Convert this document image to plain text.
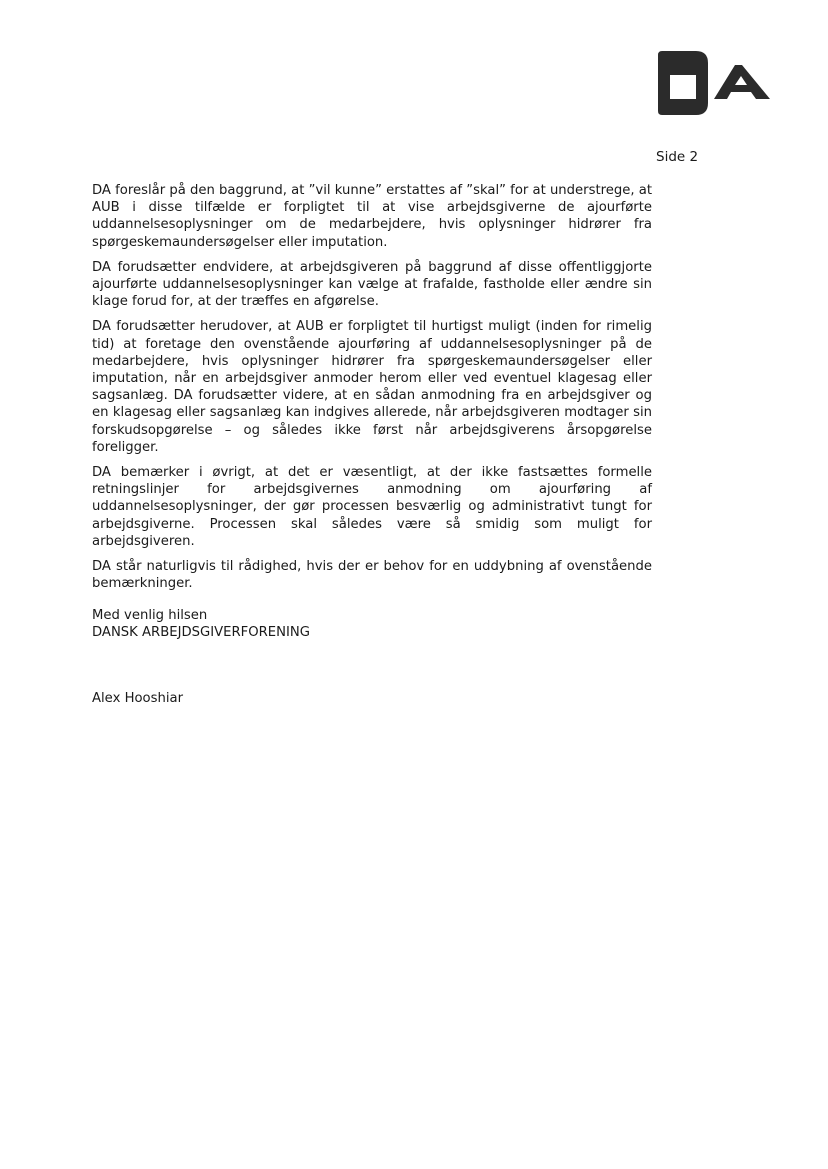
Side 2

DA foreslår på den baggrund, at ”vil kunne” erstattes af ”skal” for at understrege, at AUB i disse tilfælde er forpligtet til at vise arbejdsgiverne de ajourførte uddannelsesoplysninger om de medarbejdere, hvis oplysninger hidrører fra spørgeskemaundersøgelser eller imputation.

DA forudsætter endvidere, at arbejdsgiveren på baggrund af disse offentliggjorte ajourførte uddannelsesoplysninger kan vælge at frafalde, fastholde eller ændre sin klage forud for, at der træffes en afgørelse.

DA forudsætter herudover, at AUB er forpligtet til hurtigst muligt (inden for rimelig tid) at foretage den ovenstående ajourføring af uddannelsesoplysninger på de medarbejdere, hvis oplysninger hidrører fra spørgeskemaundersøgelser eller imputation, når en arbejdsgiver anmoder herom eller ved eventuel klagesag eller sagsanlæg. DA forudsætter videre, at en sådan anmodning fra en arbejdsgiver og en klagesag eller sagsanlæg kan indgives allerede, når arbejdsgiveren modtager sin forskudsopgørelse – og således ikke først når arbejdsgiverens årsopgørelse foreligger.

DA bemærker i øvrigt, at det er væsentligt, at der ikke fastsættes formelle retningslinjer for arbejdsgivernes anmodning om ajourføring af uddannelsesoplysninger, der gør processen besværlig og administrativt tungt for arbejdsgiverne. Processen skal således være så smidig som muligt for arbejdsgiveren.

DA står naturligvis til rådighed, hvis der er behov for en uddybning af ovenstående bemærkninger.

Med venlig hilsen
DANSK ARBEJDSGIVERFORENING
Alex Hooshiar
